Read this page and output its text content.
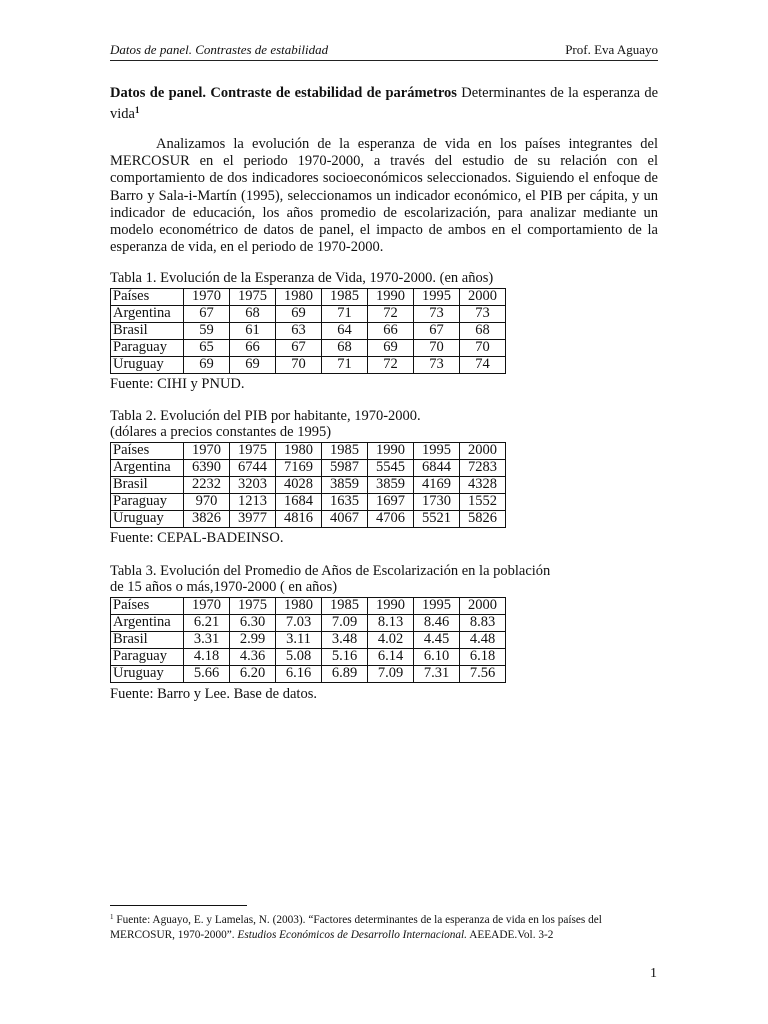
Datos de panel. Contrastes de estabilidad	Prof. Eva Aguayo
Datos de panel. Contraste de estabilidad de parámetros Determinantes de la esperanza de vida$^1$

Analizamos la evolución de la esperanza de vida en los países integrantes del MERCOSUR en el periodo 1970-2000, a través del estudio de su relación con el comportamiento de dos indicadores socioeconómicos seleccionados. Siguiendo el enfoque de Barro y Sala-i-Martín (1995), seleccionamos un indicador económico, el PIB per cápita, y un indicador de educación, los años promedio de escolarización, para analizar mediante un modelo econométrico de datos de panel, el impacto de ambos en el comportamiento de la esperanza de vida, en el periodo de 1970-2000.

Tabla 1. Evolución de la Esperanza de Vida, 1970-2000. (en años)
Países	1970	1975	1980	1985	1990	1995	2000
Argentina	67	68	69	71	72	73	73
Brasil	59	61	63	64	66	67	68
Paraguay	65	66	67	68	69	70	70
Uruguay	69	69	70	71	72	73	74
Fuente: CIHI y PNUD.
Tabla 2. Evolución del PIB por habitante, 1970-2000.
(dólares a precios constantes de 1995)
Países	1970	1975	1980	1985	1990	1995	2000
Argentina	6390	6744	7169	5987	5545	6844	7283
Brasil	2232	3203	4028	3859	3859	4169	4328
Paraguay	970	1213	1684	1635	1697	1730	1552
Uruguay	3826	3977	4816	4067	4706	5521	5826
Fuente: CEPAL-BADEINSO.
Tabla 3. Evolución del Promedio de Años de Escolarización en la población
de 15 años o más,1970-2000 ( en años)
Países	1970	1975	1980	1985	1990	1995	2000
Argentina	6.21	6.30	7.03	7.09	8.13	8.46	8.83
Brasil	3.31	2.99	3.11	3.48	4.02	4.45	4.48
Paraguay	4.18	4.36	5.08	5.16	6.14	6.10	6.18
Uruguay	5.66	6.20	6.16	6.89	7.09	7.31	7.56
Fuente: Barro y Lee. Base de datos.
$^1$ Fuente: Aguayo, E. y Lamelas, N. (2003). “Factores determinantes de la esperanza de vida en los países del MERCOSUR, 1970-2000”. Estudios Económicos de Desarrollo Internacional. AEEADE.Vol. 3-2
1
